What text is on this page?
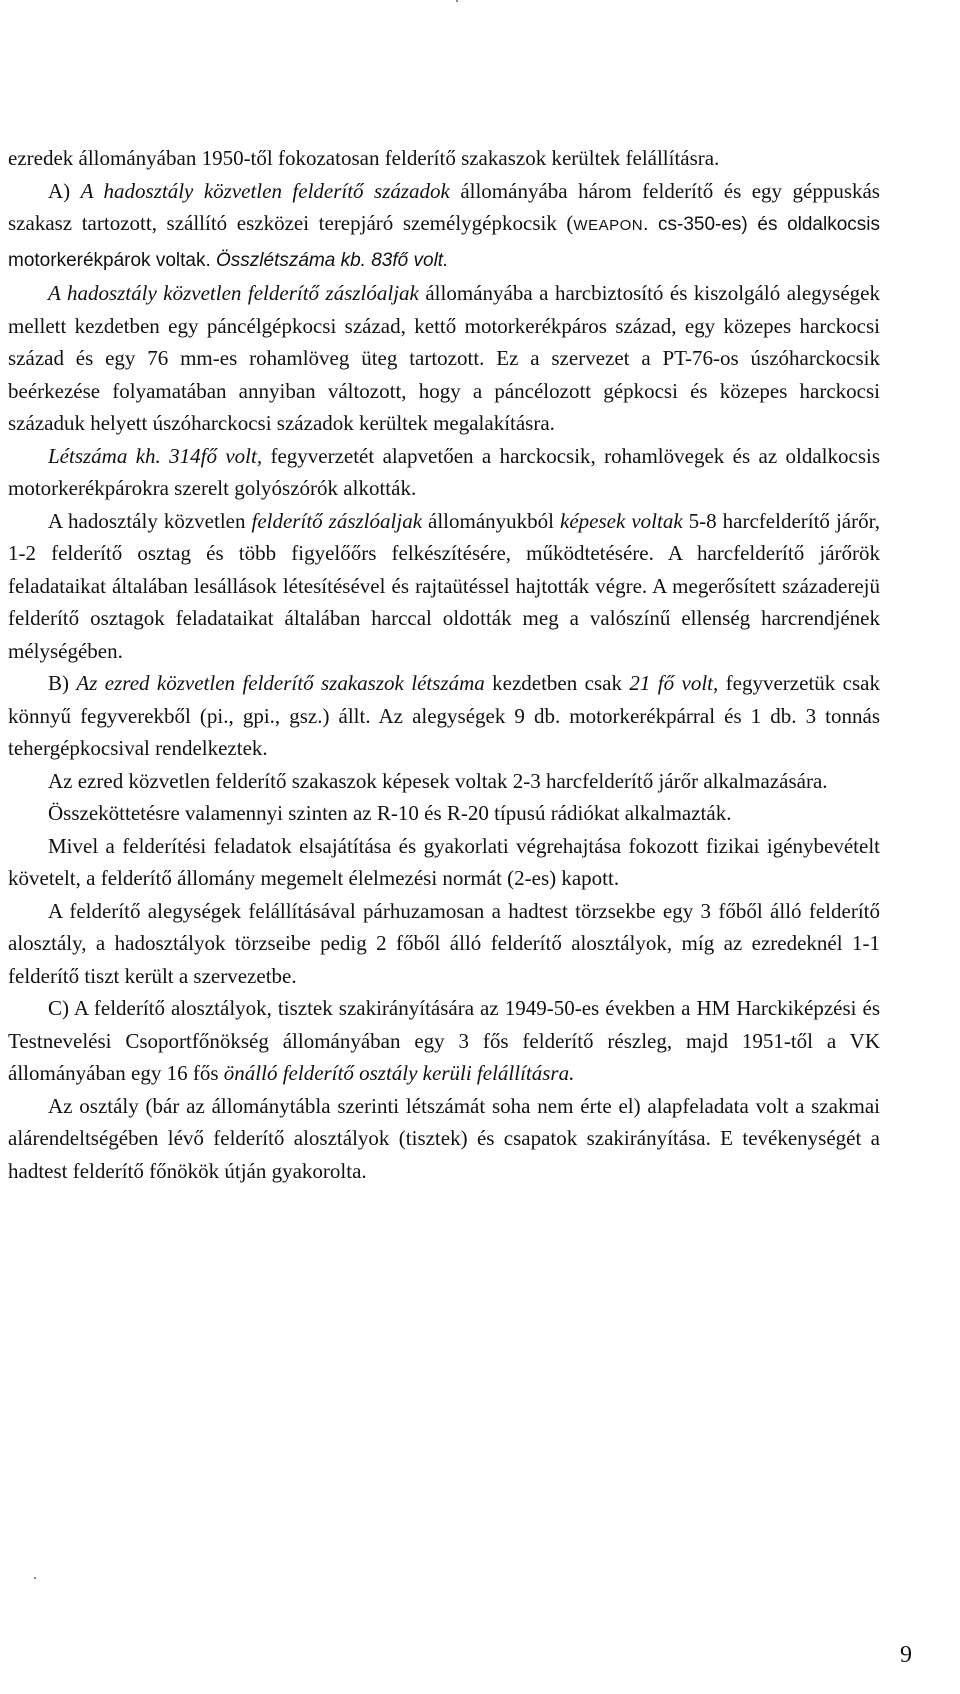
ezredek állományában 1950-től fokozatosan felderítő szakaszok kerültek felállításra.

A) A hadosztály közvetlen felderítő századok állományába három felderítő és egy géppuskás szakasz tartozott, szállító eszközei terepjáró személygépkocsik (WEAPON. cs-350-es) és oldalkocsis motorkerékpárok voltak. Összlétszáma kb. 83fő volt.

A hadosztály közvetlen felderítő zászlóaljak állományába a harcbiztosító és kiszolgáló alegységek mellett kezdetben egy páncélgépkocsi század, kettő motorkerékpáros század, egy közepes harckocsi század és egy 76 mm-es rohamlöveg üteg tartozott. Ez a szervezet a PT-76-os úszóharckocsik beérkezése folyamatában annyiban változott, hogy a páncélozott gépkocsi és közepes harckocsi századuk helyett úszóharckocsi századok kerültek megalakításra.

Létszáma kh. 314fő volt, fegyverzetét alapvetően a harckocsik, rohamlövegek és az oldalkocsis motorkerékpárokra szerelt golyószórók alkották.

A hadosztály közvetlen felderítő zászlóaljak állományukból képesek voltak 5-8 harcfelderítő járőr, 1-2 felderítő osztag és több figyelőőrs felkészítésére, működtetésére. A harcfelderítő járőrök feladataikat általában lesállások létesítésével és rajtaütéssel hajtották végre. A megerősített századerejü felderítő osztagok feladataikat általában harccal oldották meg a valószínű ellenség harcrendjének mélységében.

B) Az ezred közvetlen felderítő szakaszok létszáma kezdetben csak 21 fő volt, fegyverzetük csak könnyű fegyverekből (pi., gpi., gsz.) állt. Az alegységek 9 db. motorkerékpárral és 1 db. 3 tonnás tehergépkocsival rendelkeztek.

Az ezred közvetlen felderítő szakaszok képesek voltak 2-3 harcfelderítő járőr alkalmazására.

Összeköttetésre valamennyi szinten az R-10 és R-20 típusú rádiókat alkalmazták.

Mivel a felderítési feladatok elsajátítása és gyakorlati végrehajtása fokozott fizikai igénybevételt követelt, a felderítő állomány megemelt élelmezési normát (2-es) kapott.

A felderítő alegységek felállításával párhuzamosan a hadtest törzsekbe egy 3 főből álló felderítő alosztály, a hadosztályok törzseibe pedig 2 főből álló felderítő alosztályok, míg az ezredeknél 1-1 felderítő tiszt került a szervezetbe.

C) A felderítő alosztályok, tisztek szakirányítására az 1949-50-es években a HM Harckiképzési és Testnevelési Csoportfőnökség állományában egy 3 fős felderítő részleg, majd 1951-től a VK állományában egy 16 fős önálló felderítő osztály kerüli felállításra.

Az osztály (bár az állománytábla szerinti létszámát soha nem érte el) alapfeladata volt a szakmai alárendeltségében lévő felderítő alosztályok (tisztek) és csapatok szakirányítása. E tevékenységét a hadtest felderítő főnökök útján gyakorolta.

9
